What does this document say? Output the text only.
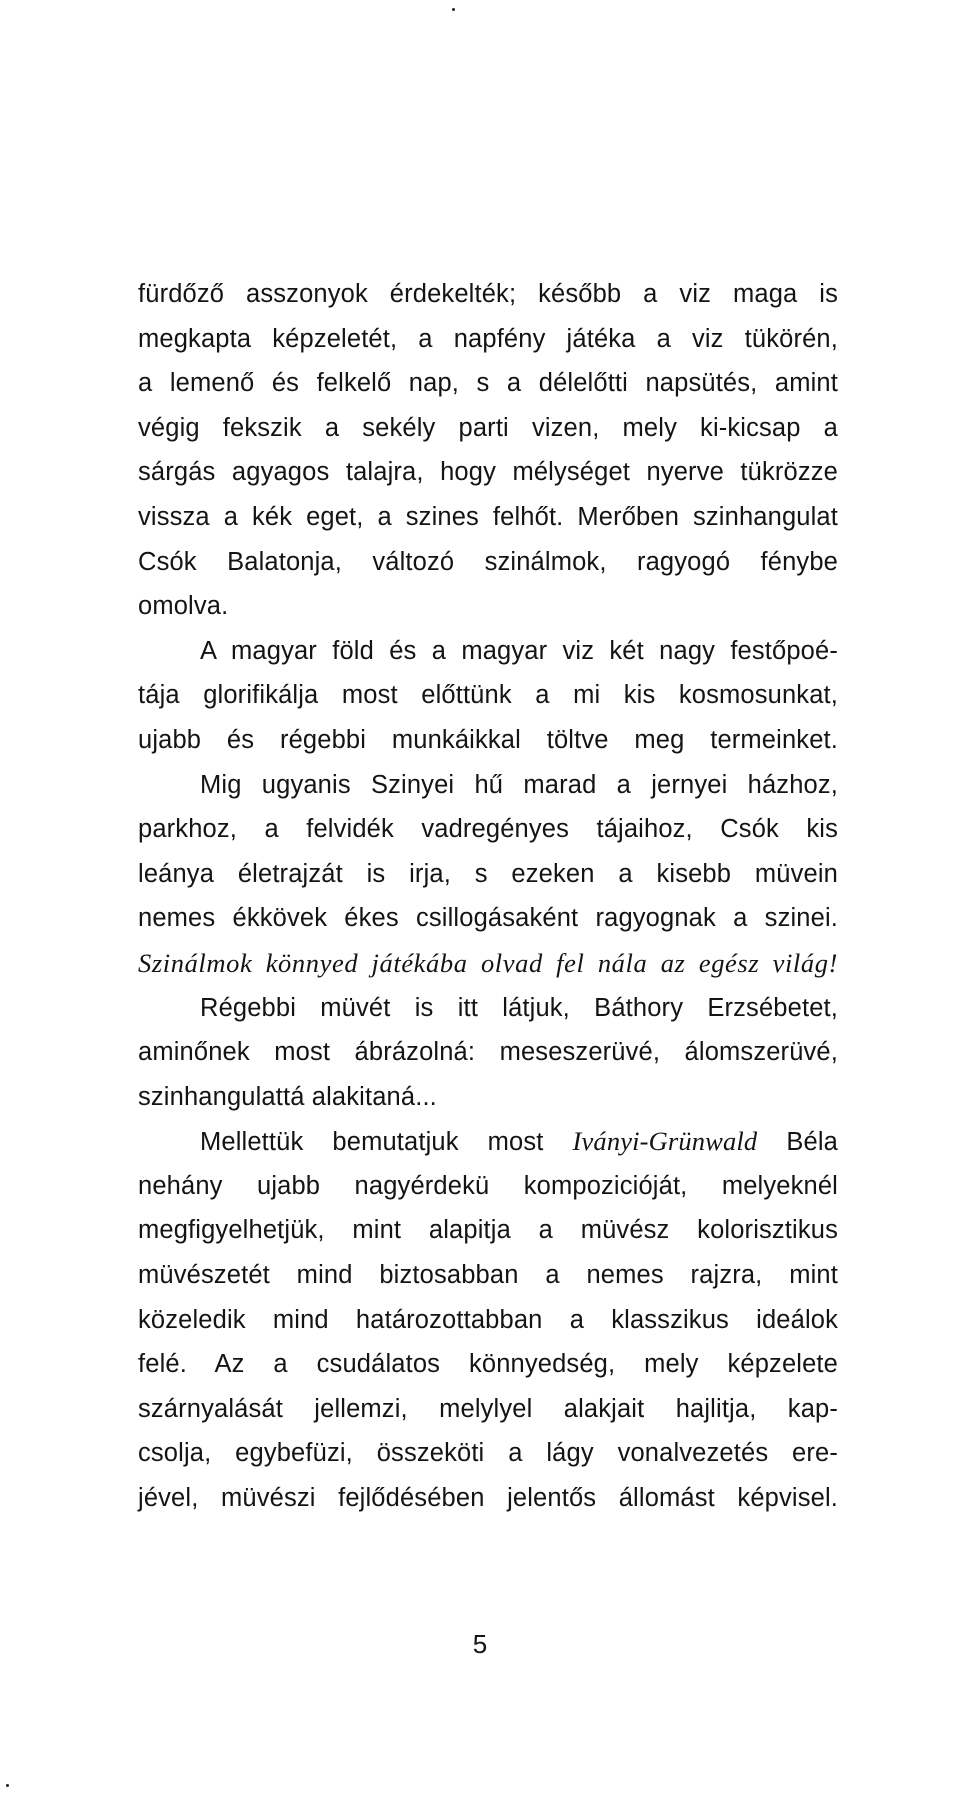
fürdőző asszonyok érdekelték; később a viz maga is
megkapta képzeletét, a napfény játéka a viz tükörén,
a lemenő és felkelő nap, s a délelőtti napsütés, amint
végig fekszik a sekély parti vizen, mely ki-kicsap a
sárgás agyagos talajra, hogy mélységet nyerve tükrözze
vissza a kék eget, a szines felhőt. Merőben szinhangulat
Csók Balatonja, változó szinálmok, ragyogó fénybe
omolva.
A magyar föld és a magyar viz két nagy festőpoé-
tája glorifikálja most előttünk a mi kis kosmosunkat,
ujabb és régebbi munkáikkal töltve meg termeinket.
Mig ugyanis Szinyei hű marad a jernyei házhoz,
parkhoz, a felvidék vadregényes tájaihoz, Csók kis
leánya életrajzát is irja, s ezeken a kisebb müvein
nemes ékkövek ékes csillogásaként ragyognak a szinei.
Szinálmok könnyed játékába olvad fel nála az egész világ!
Régebbi müvét is itt látjuk, Báthory Erzsébetet,
aminőnek most ábrázolná: meseszerüvé, álomszerüvé,
szinhangulattá alakitaná...
Mellettük bemutatjuk most Iványi-Grünwald Béla
nehány ujabb nagyérdekü kompozicióját, melyeknél
megfigyelhetjük, mint alapitja a müvész kolorisztikus
müvészetét mind biztosabban a nemes rajzra, mint
közeledik mind határozottabban a klasszikus ideálok
felé. Az a csudálatos könnyedség, mely képzelete
szárnyalását jellemzi, melylyel alakjait hajlitja, kap-
csolja, egybefüzi, összeköti a lágy vonalvezetés ere-
jével, müvészi fejlődésében jelentős állomást képvisel.
5
